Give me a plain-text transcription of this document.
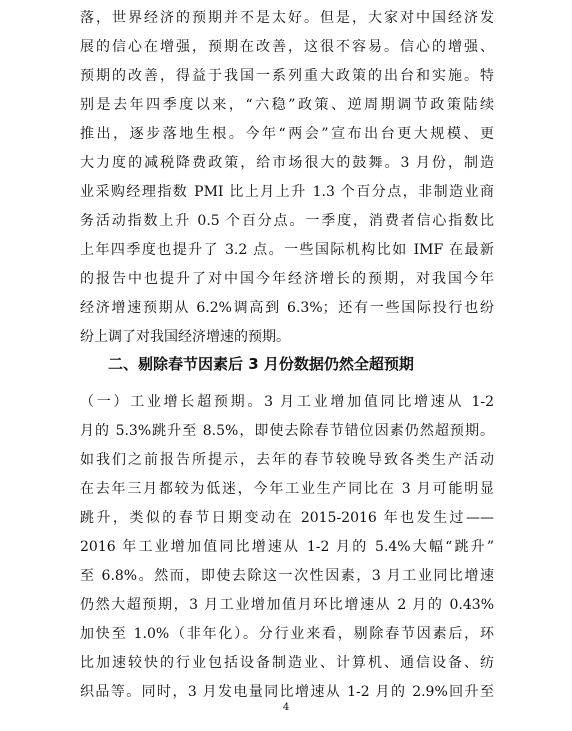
落，世界经济的预期并不是太好。但是，大家对中国经济发
展的信心在增强，预期在改善，这很不容易。信心的增强、
预期的改善，得益于我国一系列重大政策的出台和实施。特
别是去年四季度以来，“六稳”政策、逆周期调节政策陆续
推出，逐步落地生根。今年“两会”宣布出台更大规模、更
大力度的减税降费政策，给市场很大的鼓舞。3 月份，制造
业采购经理指数 PMI 比上月上升 1.3 个百分点，非制造业商
务活动指数上升 0.5 个百分点。一季度，消费者信心指数比
上年四季度也提升了 3.2 点。一些国际机构比如 IMF 在最新
的报告中也提升了对中国今年经济增长的预期，对我国今年
经济增速预期从 6.2%调高到 6.3%；还有一些国际投行也纷
纷上调了对我国经济增速的预期。
二、剔除春节因素后 3 月份数据仍然全超预期
（一）工业增长超预期。3 月工业增加值同比增速从 1-2
月的 5.3%跳升至 8.5%，即使去除春节错位因素仍然超预期。
如我们之前报告所提示，去年的春节较晚导致各类生产活动
在去年三月都较为低迷，今年工业生产同比在 3 月可能明显
跳升，类似的春节日期变动在 2015-2016 年也发生过——
2016 年工业增加值同比增速从 1-2 月的 5.4%大幅“跳升”
至 6.8%。然而，即使去除这一次性因素，3 月工业同比增速
仍然大超预期，3 月工业增加值月环比增速从 2 月的 0.43%
加快至 1.0%（非年化）。分行业来看，剔除春节因素后，环
比加速较快的行业包括设备制造业、计算机、通信设备、纺
织品等。同时，3 月发电量同比增速从 1-2 月的 2.9%回升至
4
